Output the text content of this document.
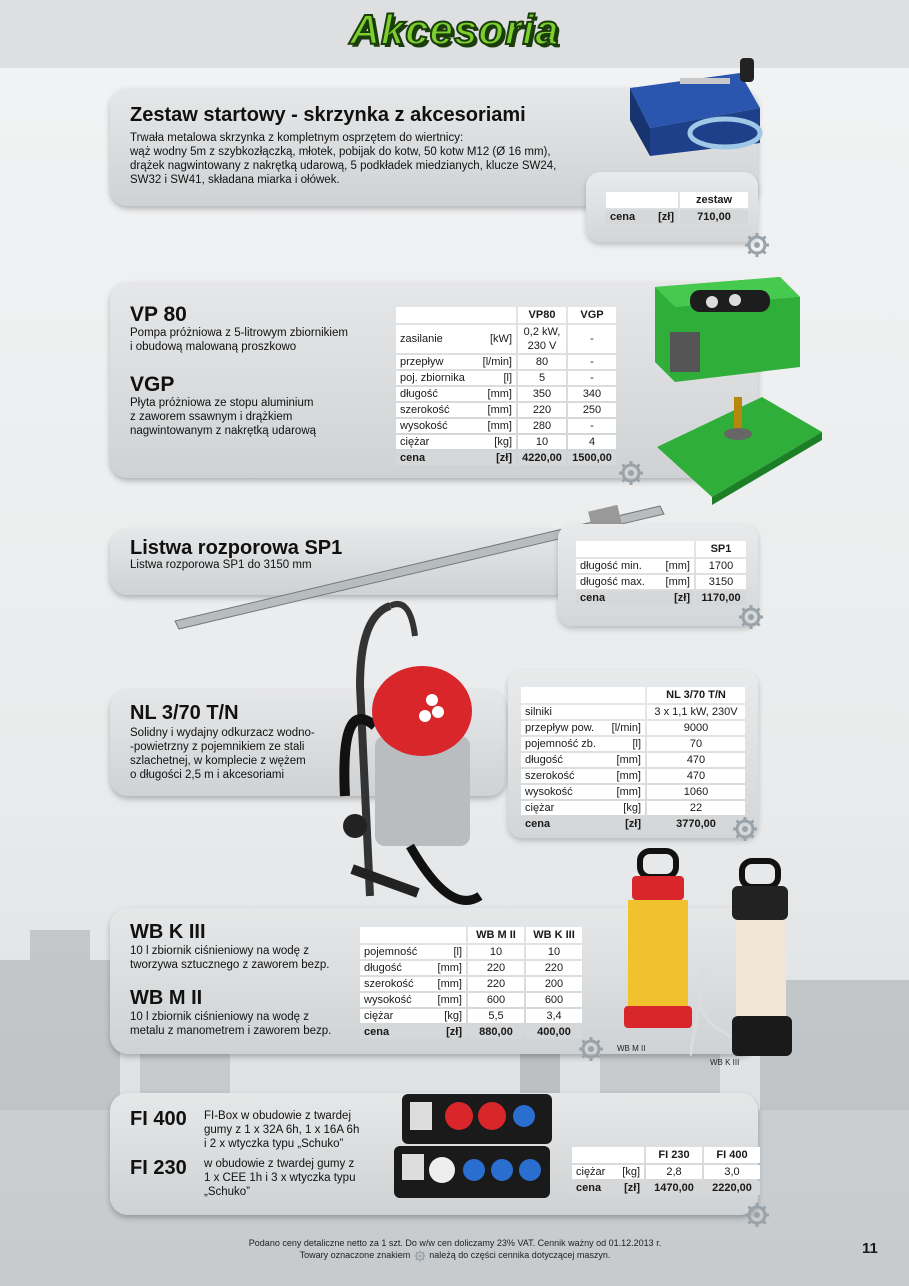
Akcesoria
Zestaw startowy - skrzynka z akcesoriami
Trwała metalowa skrzynka z kompletnym osprzętem do wiertnicy:
wąż wodny 5m z szybkozłączką, młotek, pobijak do kotw, 50 kotw M12 (Ø 16 mm),
drążek nagwintowany z nakrętką udarową, 5 podkładek miedzianych, klucze SW24,
SW32 i SW41, składana miarka i ołówek.
	zestaw
cena [zł]	710,00
VP 80
Pompa próżniowa z 5-litrowym zbiornikiem
i obudową malowaną proszkowo
VGP
Płyta próżniowa ze stopu aluminium
z zaworem ssawnym i drążkiem
nagwintowanym z nakrętką udarową
	VP80	VGP
zasilanie [kW]	0,2 kW,
230 V	-
przepływ [l/min]	80	-
poj. zbiornika [l]	5	-
długość [mm]	350	340
szerokość [mm]	220	250
wysokość [mm]	280	-
ciężar [kg]	10	4
cena [zł]	4220,00	1500,00
Listwa rozporowa SP1
Listwa rozporowa SP1 do 3150 mm
	SP1
długość min. [mm]	1700
długość max. [mm]	3150
cena [zł]	1170,00
NL 3/70 T/N
Solidny i wydajny odkurzacz wodno-
-powietrzny z pojemnikiem ze stali
szlachetnej, w komplecie z wężem
o długości 2,5 m i akcesoriami
	NL 3/70 T/N
silniki	3 x 1,1 kW, 230V
przepływ pow. [l/min]	9000
pojemność zb. [l]	70
długość [mm]	470
szerokość [mm]	470
wysokość [mm]	1060
ciężar [kg]	22
cena [zł]	3770,00
WB K III
10 l zbiornik ciśnieniowy na wodę z
tworzywa sztucznego z zaworem bezp.
WB M II
10 l zbiornik ciśnieniowy na wodę z
metalu z manometrem i zaworem bezp.
	WB M II	WB K III
pojemność [l]	10	10
długość [mm]	220	220
szerokość [mm]	220	200
wysokość [mm]	600	600
ciężar [kg]	5,5	3,4
cena [zł]	880,00	400,00
WB M II
WB K III
FI 400 FI-Box w obudowie z twardej
gumy z 1 x 32A 6h, 1 x 16A 6h
i 2 x wtyczka typu „Schuko”
FI 230 w obudowie z twardej gumy z
1 x CEE 1h i 3 x wtyczka typu
„Schuko”
	FI 230	FI 400
ciężar [kg]	2,8	3,0
cena [zł]	1470,00	2220,00
Podano ceny detaliczne netto za 1 szt. Do w/w cen doliczamy 23% VAT. Cennik ważny od 01.12.2013 r.
Towary oznaczone znakiem należą do części cennika dotyczącej maszyn.	11
